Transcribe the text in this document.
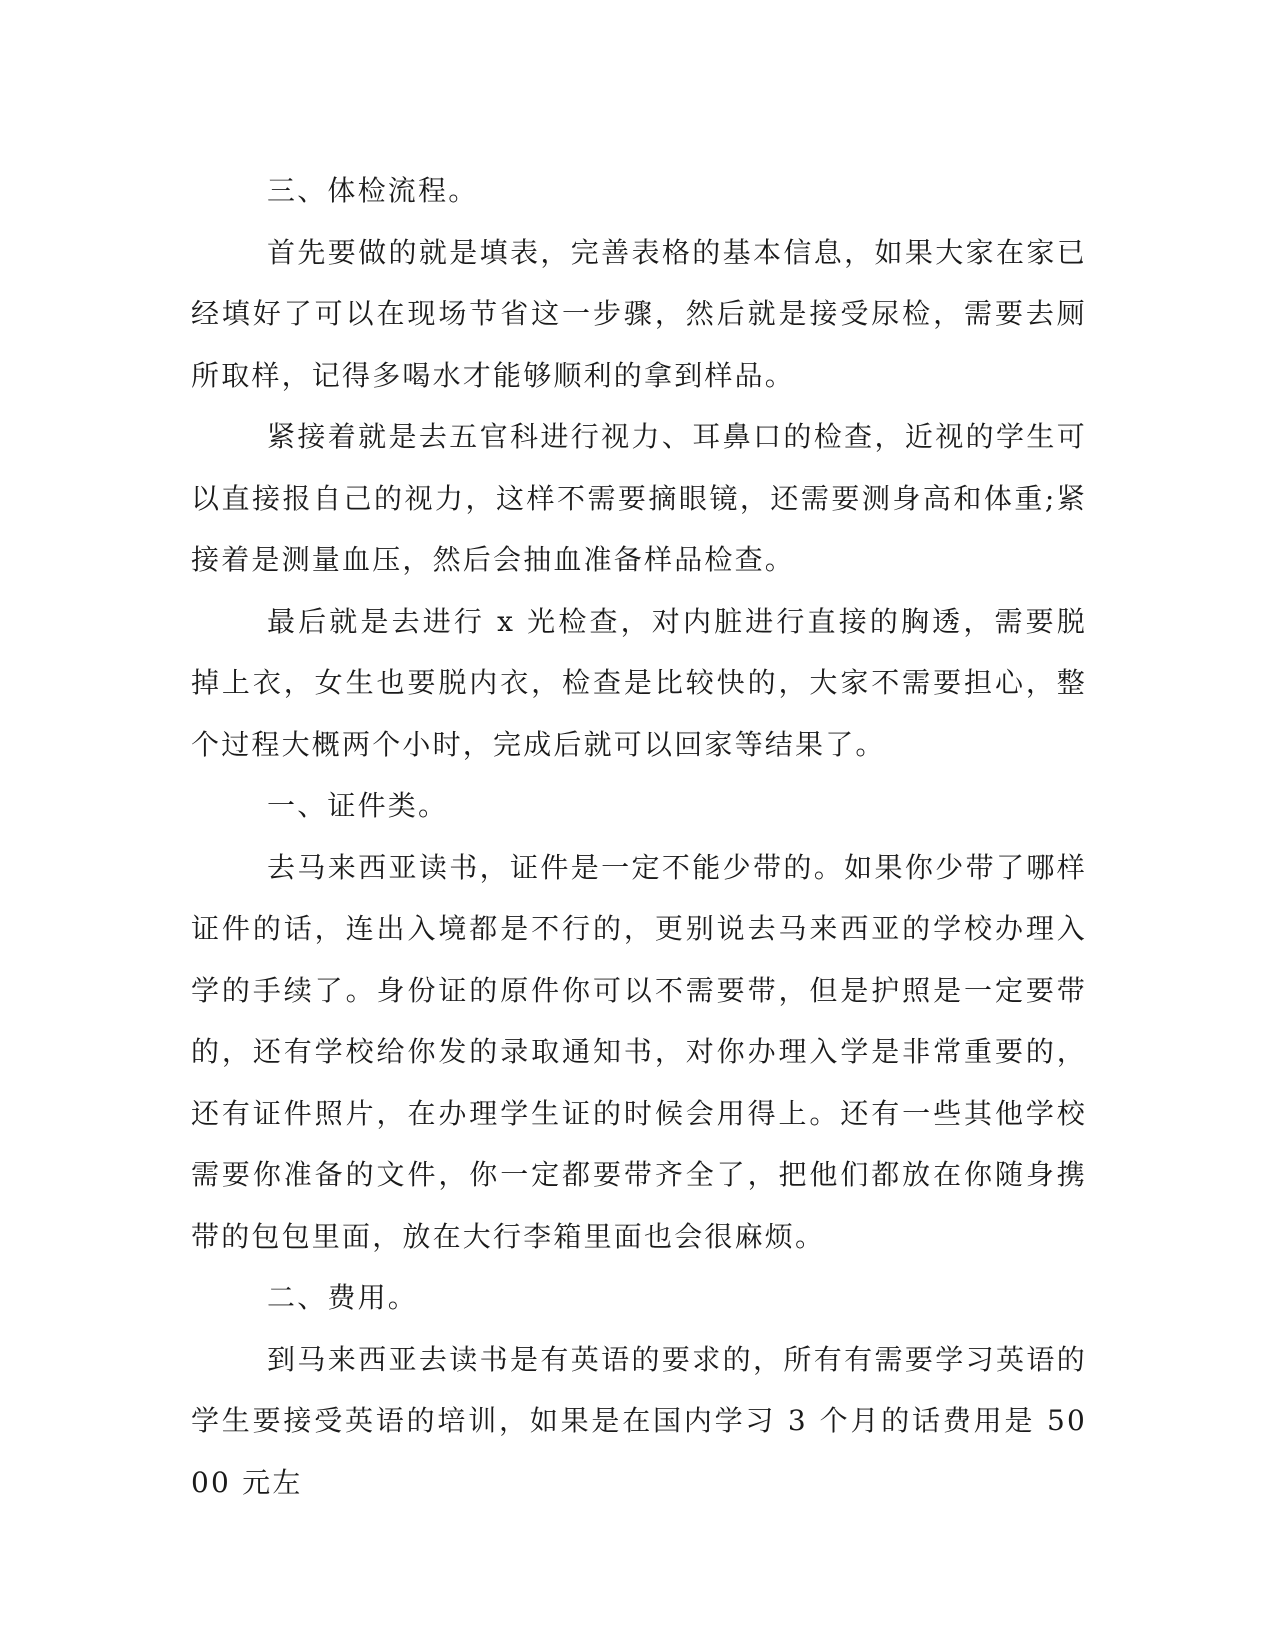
三、体检流程。

首先要做的就是填表，完善表格的基本信息，如果大家在家已经填好了可以在现场节省这一步骤，然后就是接受尿检，需要去厕所取样，记得多喝水才能够顺利的拿到样品。

紧接着就是去五官科进行视力、耳鼻口的检查，近视的学生可以直接报自己的视力，这样不需要摘眼镜，还需要测身高和体重;紧接着是测量血压，然后会抽血准备样品检查。

最后就是去进行 x 光检查，对内脏进行直接的胸透，需要脱掉上衣，女生也要脱内衣，检查是比较快的，大家不需要担心，整个过程大概两个小时，完成后就可以回家等结果了。

一、证件类。

去马来西亚读书，证件是一定不能少带的。如果你少带了哪样证件的话，连出入境都是不行的，更别说去马来西亚的学校办理入学的手续了。身份证的原件你可以不需要带，但是护照是一定要带的，还有学校给你发的录取通知书，对你办理入学是非常重要的，还有证件照片，在办理学生证的时候会用得上。还有一些其他学校需要你准备的文件，你一定都要带齐全了，把他们都放在你随身携带的包包里面，放在大行李箱里面也会很麻烦。

二、费用。

到马来西亚去读书是有英语的要求的，所有有需要学习英语的学生要接受英语的培训，如果是在国内学习 3 个月的话费用是 5000 元左
